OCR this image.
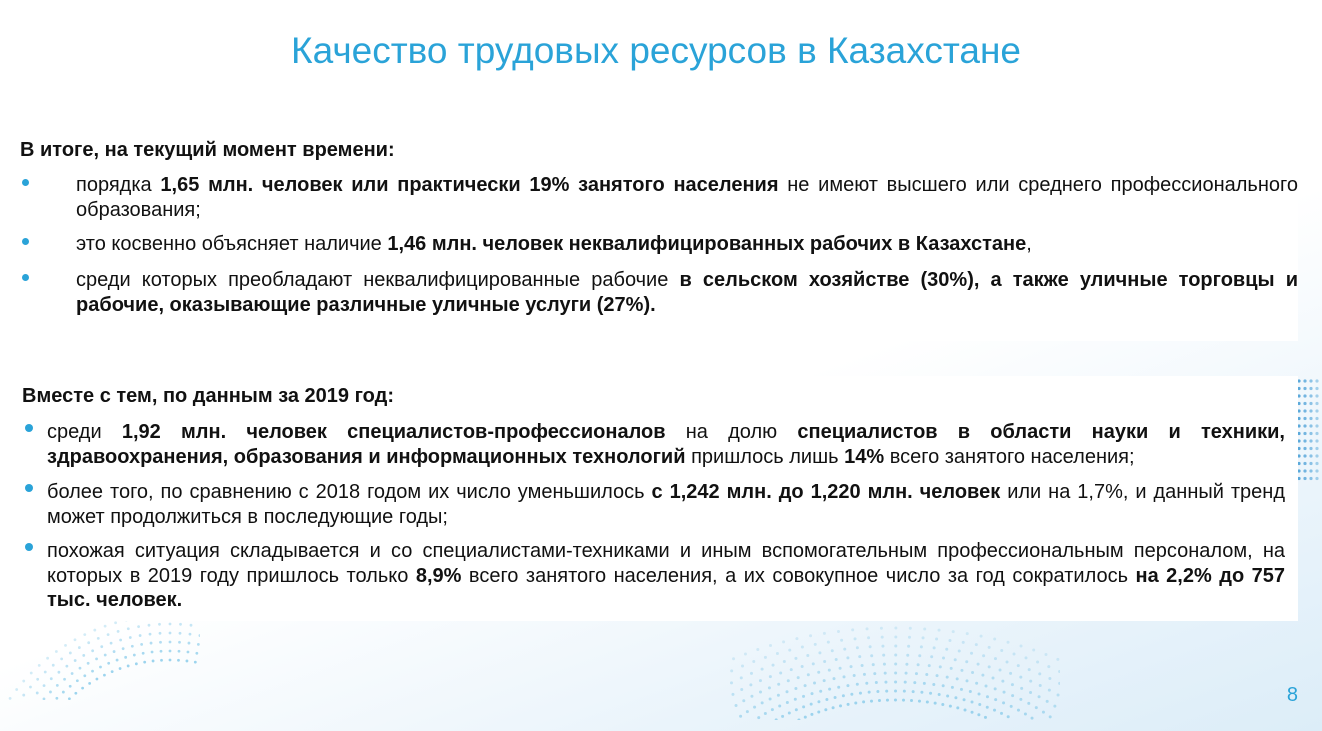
Качество трудовых ресурсов в Казахстане
В итоге, на текущий момент времени:
порядка 1,65 млн. человек или практически 19% занятого населения не имеют высшего или среднего профессионального образования;
это косвенно объясняет наличие 1,46 млн. человек неквалифицированных рабочих в Казахстане,
среди которых преобладают неквалифицированные рабочие в сельском хозяйстве (30%), а также уличные торговцы и рабочие, оказывающие различные уличные услуги (27%).
Вместе с тем, по данным за 2019 год:
среди 1,92 млн. человек специалистов-профессионалов на долю специалистов в области науки и техники, здравоохранения, образования и информационных технологий пришлось лишь 14% всего занятого населения;
более того, по сравнению с 2018 годом их число уменьшилось с 1,242 млн. до 1,220 млн. человек или на 1,7%, и данный тренд может продолжиться в последующие годы;
похожая ситуация складывается и со специалистами-техниками и иным вспомогательным профессиональным персоналом, на которых в 2019 году пришлось только 8,9% всего занятого населения, а их совокупное число за год сократилось на 2,2% до 757 тыс. человек.
8
